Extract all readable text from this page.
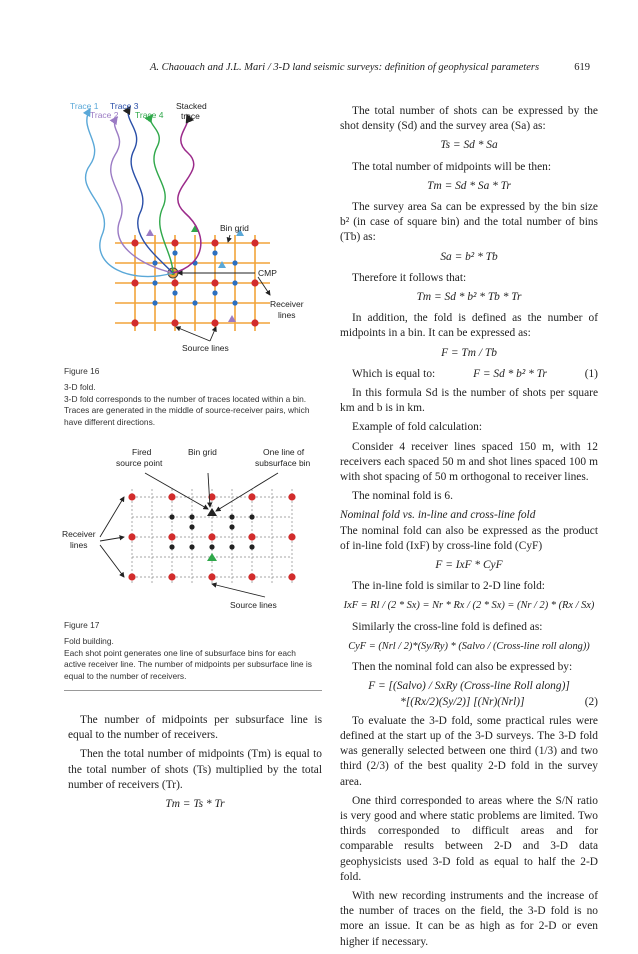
A. Chaouach and J.L. Mari / 3-D land seismic surveys: definition of geophysical parameters	619
Trace 1
Trace 2
Trace 3
Trace 4
Stacked
trace
Bin grid
CMP
Receiver
lines
Source lines
Figure 16
3-D fold.
3-D fold corresponds to the number of traces located within a bin. Traces are generated in the middle of source-receiver pairs, which have different directions.
Fired
source point
Bin grid	One line of
subsurface bin
Receiver
lines
Source lines
Figure 17
Fold building.
Each shot point generates one line of subsurface bins for each active receiver line. The number of midpoints per subsurface line is equal to the number of receivers.

The number of midpoints per subsurface line is equal to the number of receivers.

Then the total number of midpoints (Tm) is equal to the total number of shots (Ts) multiplied by the total number of receivers (Tr).

Tm = Ts * Tr

The total number of shots can be expressed by the shot density (Sd) and the survey area (Sa) as:

Ts = Sd * Sa

The total number of midpoints will be then:

Tm = Sd * Sa * Tr

The survey area Sa can be expressed by the bin size b² (in case of square bin) and the total number of bins (Tb) as:

Sa = b² * Tb

Therefore it follows that:

Tm = Sd * b² * Tb * Tr

In addition, the fold is defined as the number of midpoints in a bin. It can be expressed as:

F = Tm / Tb
Which is equal to:	F = Sd * b² * Tr	(1)

In this formula Sd is the number of shots per square km and b is in km.

Example of fold calculation:

Consider 4 receiver lines spaced 150 m, with 12 receivers each spaced 50 m and shot lines spaced 100 m with shot spacing of 50 m orthogonal to receiver lines.

The nominal fold is 6.

Nominal fold vs. in-line and cross-line fold

The nominal fold can also be expressed as the product of in-line fold (IxF) by cross-line fold (CyF)

F = IxF * CyF

The in-line fold is similar to 2-D line fold:

IxF = Rl / (2 * Sx) = Nr * Rx / (2 * Sx) = (Nr / 2) * (Rx / Sx)

Similarly the cross-line fold is defined as:

CyF = (Nrl / 2)*(Sy/Ry) * (Salvo / (Cross-line roll along))

Then the nominal fold can also be expressed by:

F = [(Salvo) / SxRy (Cross-line Roll along)]
*[(Rx/2)(Sy/2)] [(Nr)(Nrl)]	(2)

To evaluate the 3-D fold, some practical rules were defined at the start up of the 3-D surveys. The 3-D fold was generally selected between one third (1/3) and two third (2/3) of the best quality 2-D fold in the survey area.

One third corresponded to areas where the S/N ratio is very good and where static problems are limited. Two thirds corresponded to difficult areas and for comparable results between 2-D and 3-D data geophysicists used 3-D fold as equal to half the 2-D fold.

With new recording instruments and the increase of the number of traces on the field, the 3-D fold is no more an issue. It can be as high as for 2-D or even higher if necessary.
